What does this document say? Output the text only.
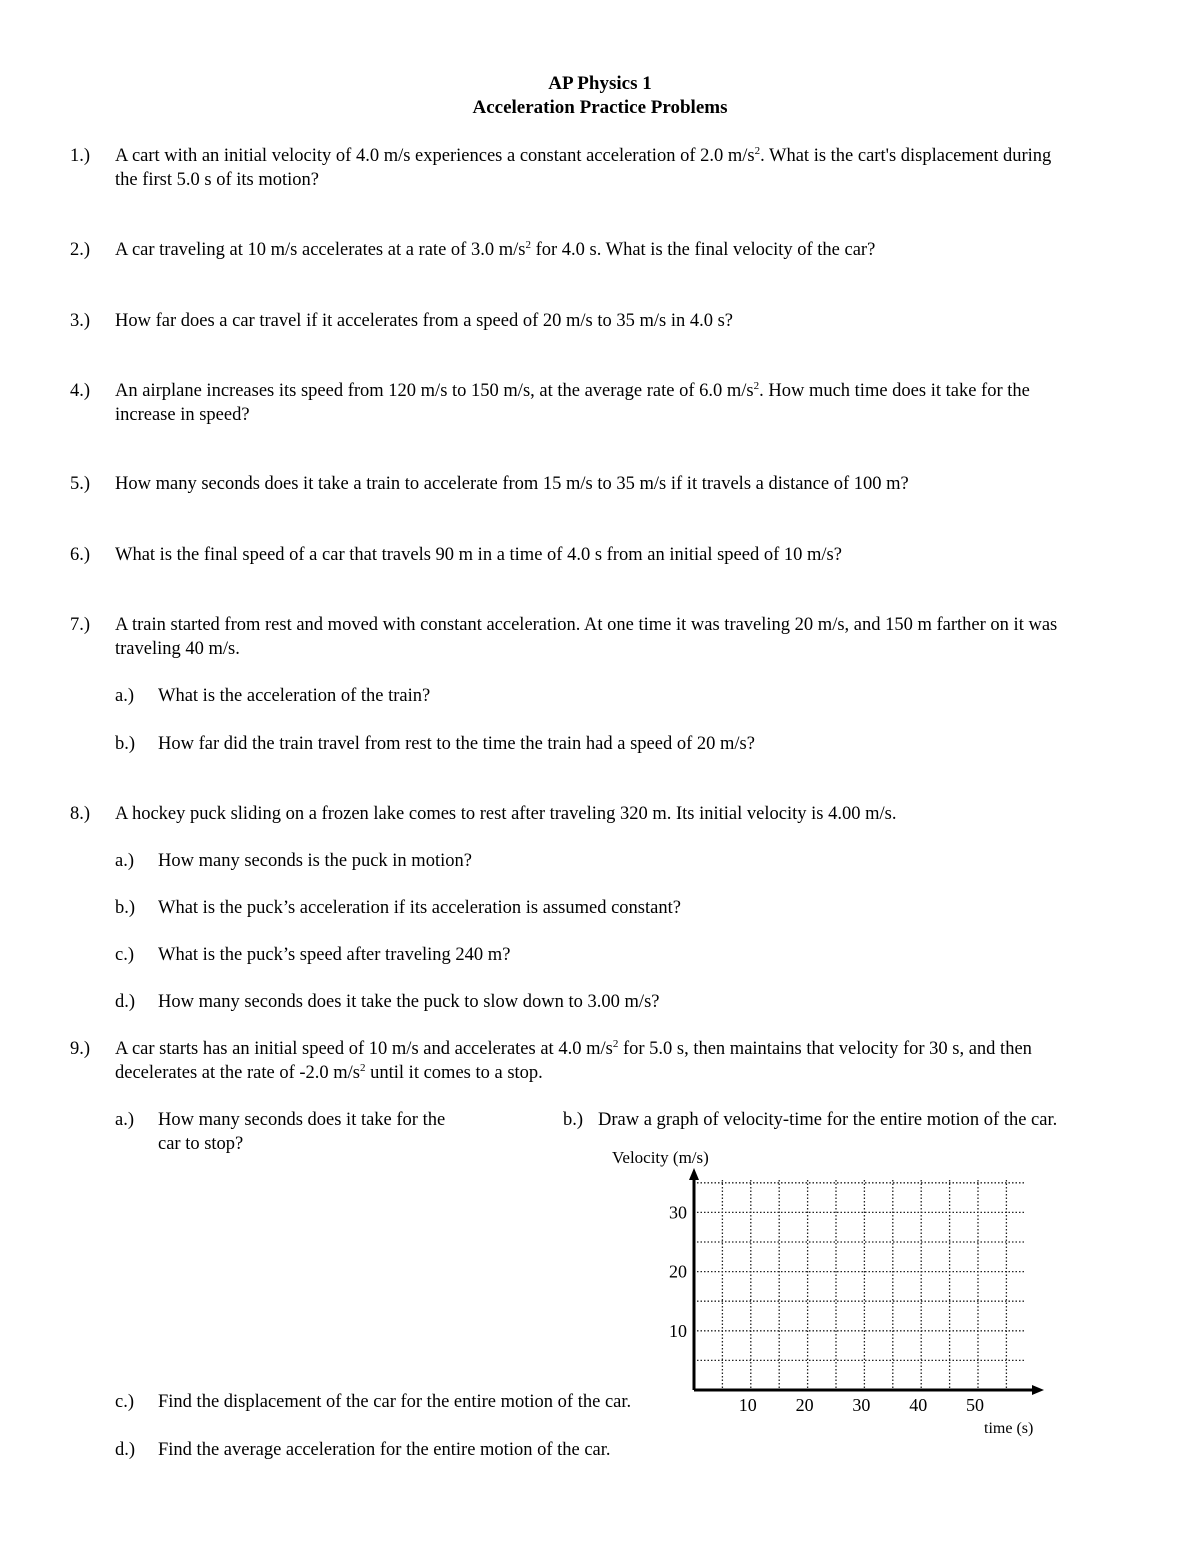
AP Physics 1
Acceleration Practice Problems
1.) A cart with an initial velocity of 4.0 m/s experiences a constant acceleration of 2.0 $m/s^2$. What is the cart's displacement during
the first 5.0 s of its motion?
2.) A car traveling at 10 m/s accelerates at a rate of 3.0 $m/s^2$ for 4.0 s. What is the final velocity of the car?
3.) How far does a car travel if it accelerates from a speed of 20 m/s to 35 m/s in 4.0 s?
4.) An airplane increases its speed from 120 m/s to 150 m/s, at the average rate of 6.0 $m/s^2$. How much time does it take for the
increase in speed?
5.) How many seconds does it take a train to accelerate from 15 m/s to 35 m/s if it travels a distance of 100 m?
6.) What is the final speed of a car that travels 90 m in a time of 4.0 s from an initial speed of 10 m/s?
7.) A train started from rest and moved with constant acceleration. At one time it was traveling 20 m/s, and 150 m farther on it was
traveling 40 m/s.
a.) What is the acceleration of the train?
b.) How far did the train travel from rest to the time the train had a speed of 20 m/s?
8.) A hockey puck sliding on a frozen lake comes to rest after traveling 320 m. Its initial velocity is 4.00 m/s.
a.) How many seconds is the puck in motion?
b.) What is the puck’s acceleration if its acceleration is assumed constant?
c.) What is the puck’s speed after traveling 240 m?
d.) How many seconds does it take the puck to slow down to 3.00 m/s?
9.) A car starts has an initial speed of 10 m/s and accelerates at 4.0 $m/s^2$ for 5.0 s, then maintains that velocity for 30 s, and then
decelerates at the rate of -2.0 $m/s^2$ until it comes to a stop.
a.) How many seconds does it take for the
car to stop?
b.) Draw a graph of velocity-time for the entire motion of the car.
c.) Find the displacement of the car for the entire motion of the car.
d.) Find the average acceleration for the entire motion of the car.
Velocity (m/s)
10
20
30
10 20 30 40 50
time (s)
